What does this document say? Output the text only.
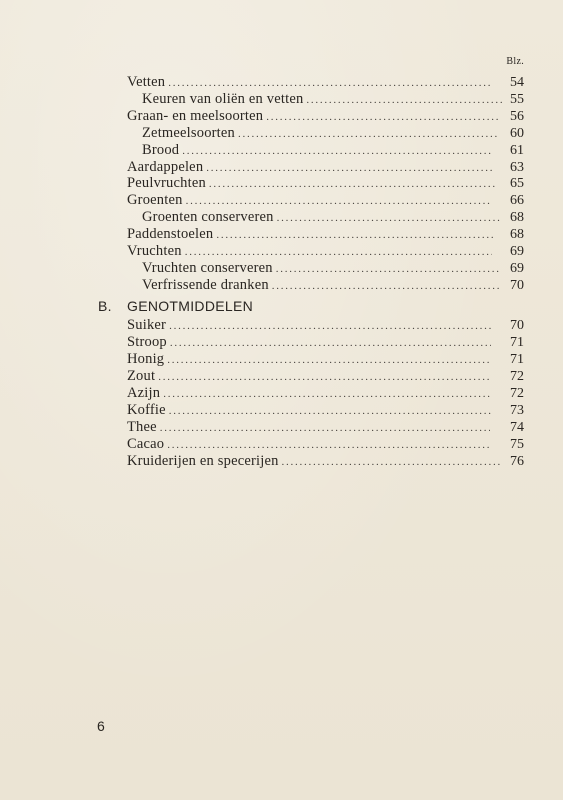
Blz.
Vetten . . .	54
Keuren van oliën en vetten . . .	55
Graan- en meelsoorten . . .	56
Zetmeelsoorten . . .	60
Brood . . .	61
Aardappelen . . .	63
Peulvruchten . . .	65
Groenten . . .	66
Groenten conserveren . . .	68
Paddenstoelen . . .	68
Vruchten . . .	69
Vruchten conserveren . . .	69
Verfrissende dranken . . .	70
B.	GENOTMIDDELEN
Suiker . . .	70
Stroop . . .	71
Honig . . .	71
Zout . . .	72
Azijn . . .	72
Koffie . . .	73
Thee . . .	74
Cacao . . .	75
Kruiderijen en specerijen . . .	76
6
